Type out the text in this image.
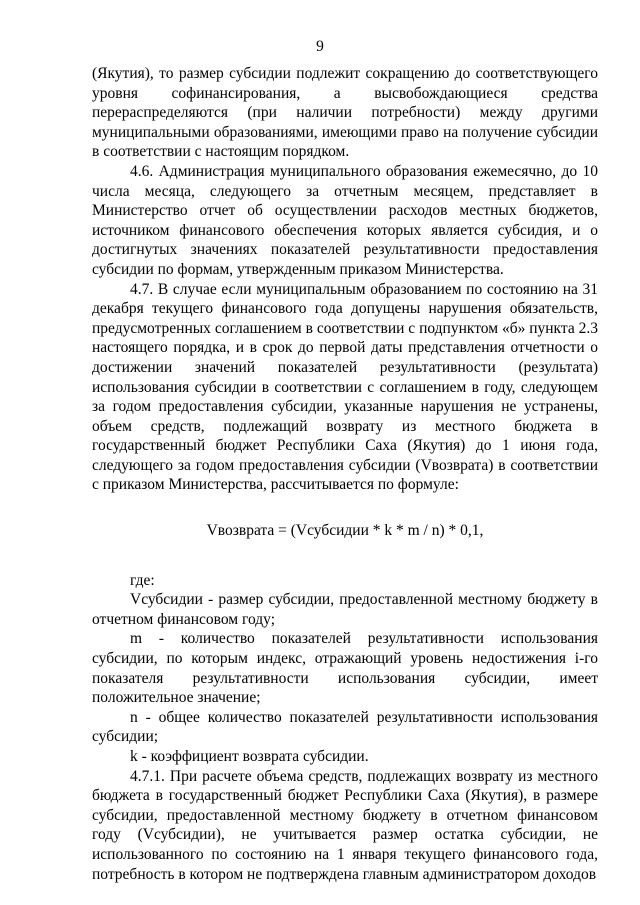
9

(Якутия), то размер субсидии подлежит сокращению до соответствующего уровня софинансирования, а высвобождающиеся средства перераспределяются (при наличии потребности) между другими муниципальными образованиями, имеющими право на получение субсидии в соответствии с настоящим порядком.

4.6. Администрация муниципального образования ежемесячно, до 10 числа месяца, следующего за отчетным месяцем, представляет в Министерство отчет об осуществлении расходов местных бюджетов, источником финансового обеспечения которых является субсидия, и о достигнутых значениях показателей результативности предоставления субсидии по формам, утвержденным приказом Министерства.

4.7. В случае если муниципальным образованием по состоянию на 31 декабря текущего финансового года допущены нарушения обязательств, предусмотренных соглашением в соответствии с подпунктом «б» пункта 2.3 настоящего порядка, и в срок до первой даты представления отчетности о достижении значений показателей результативности (результата) использования субсидии в соответствии с соглашением в году, следующем за годом предоставления субсидии, указанные нарушения не устранены, объем средств, подлежащий возврату из местного бюджета в государственный бюджет Республики Саха (Якутия) до 1 июня года, следующего за годом предоставления субсидии (Vвозврата) в соответствии с приказом Министерства, рассчитывается по формуле:

Vвозврата = (Vсубсидии * k * m / n) * 0,1,

где:

Vсубсидии - размер субсидии, предоставленной местному бюджету в отчетном финансовом году;

m - количество показателей результативности использования субсидии, по которым индекс, отражающий уровень недостижения i-го показателя результативности использования субсидии, имеет положительное значение;

n - общее количество показателей результативности использования субсидии;

k - коэффициент возврата субсидии.

4.7.1. При расчете объема средств, подлежащих возврату из местного бюджета в государственный бюджет Республики Саха (Якутия), в размере субсидии, предоставленной местному бюджету в отчетном финансовом году (Vсубсидии), не учитывается размер остатка субсидии, не использованного по состоянию на 1 января текущего финансового года, потребность в котором не подтверждена главным администратором доходов
